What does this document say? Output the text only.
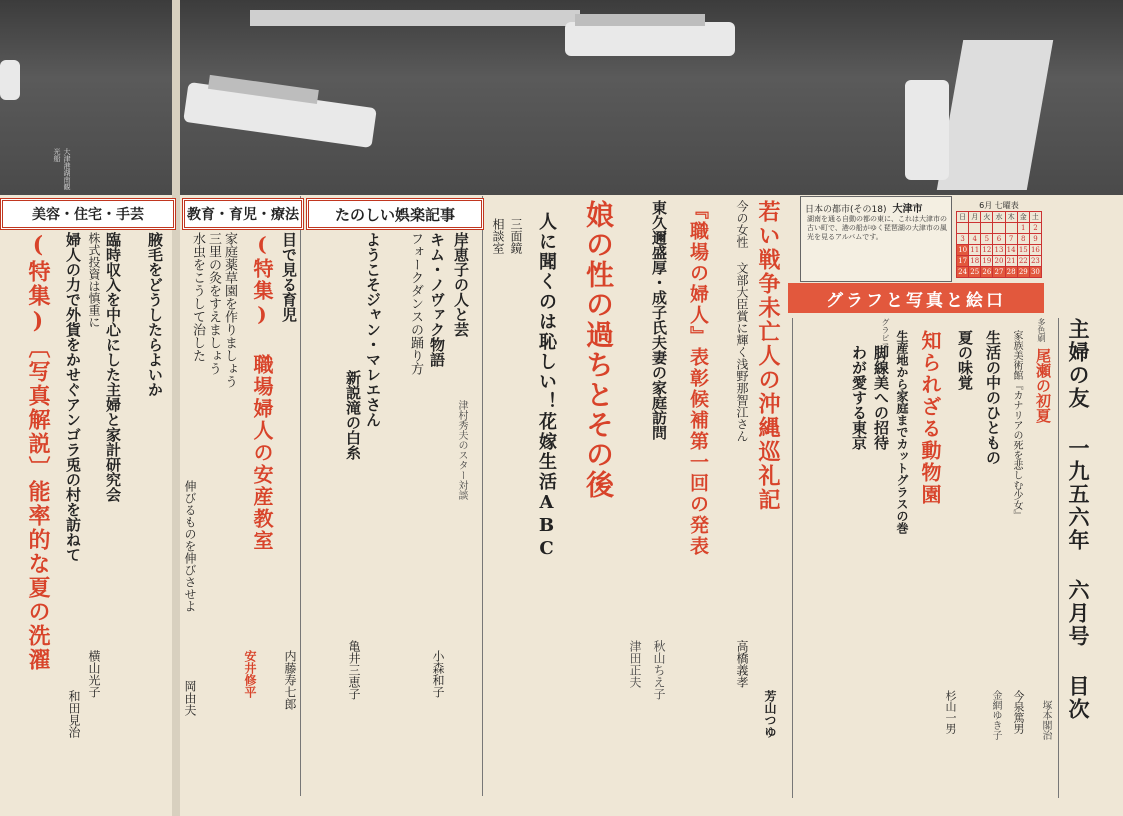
大津港湖南観光船
日本の都市(その18) 大津市
湖南を通る自動の都の東に、これは大津市の古い町で、港の船がゆく琵琶湖の大津市の風光を見るアルバムです。
6月 七曜表
日	月	火	水	木	金	土
					1	2
3	4	5	6	7	8	9
10	11	12	13	14	15	16
17	18	19	20	21	22	23
24	25	26	27	28	29	30
グラフと写真と絵口
主婦の友 一九五六年 六月号 目次
グラビア	多色刷
尾瀬の初夏
塚本閣治
家族美術館『カナリアの死を悲しむ少女』
今泉篤男
生活の中のひともの
金網ゆき子
夏の味覚
杉山一男
知られざる動物園
生産地から家庭までカットグラスの巻
脚線美への招待
わが愛する東京
若い戦争未亡人の沖縄巡礼記
芳山つゆ
今の女性 文部大臣賞に輝く浅野那智江さん
高橋義孝
『職場の婦人』表彰候補第一回の発表
東久邇盛厚・成子氏夫妻の家庭訪問
秋山ちえ子
津田正夫
娘の性の過ちとその後
人に聞くのは恥しい！花嫁生活ABC
三面鏡
相談室
たのしい娯楽記事
岸恵子の人と芸
津村秀夫のスター対談
小森和子
キム・ノヴァク物語
フォークダンスの踊り方
ようこそジャン・マレエさん
新説滝の白糸
亀井三恵子
教育・育児・療法
目で見る育児
内藤寿七郎
(特集) 職場婦人の安産教室
安井修平
家庭薬草園を作りましょう
三里の灸をすえましょう
水虫をこうして治した
伸びるものを伸びさせよ
岡由夫
美容・住宅・手芸
腋毛をどうしたらよいか
臨時収入を中心にした主婦と家計研究会
株式投資は慎重に
横山光子
婦人の力で外貨をかせぐアンゴラ兎の村を訪ねて
和田見治
(特集)〔写真解説〕能率的な夏の洗濯
